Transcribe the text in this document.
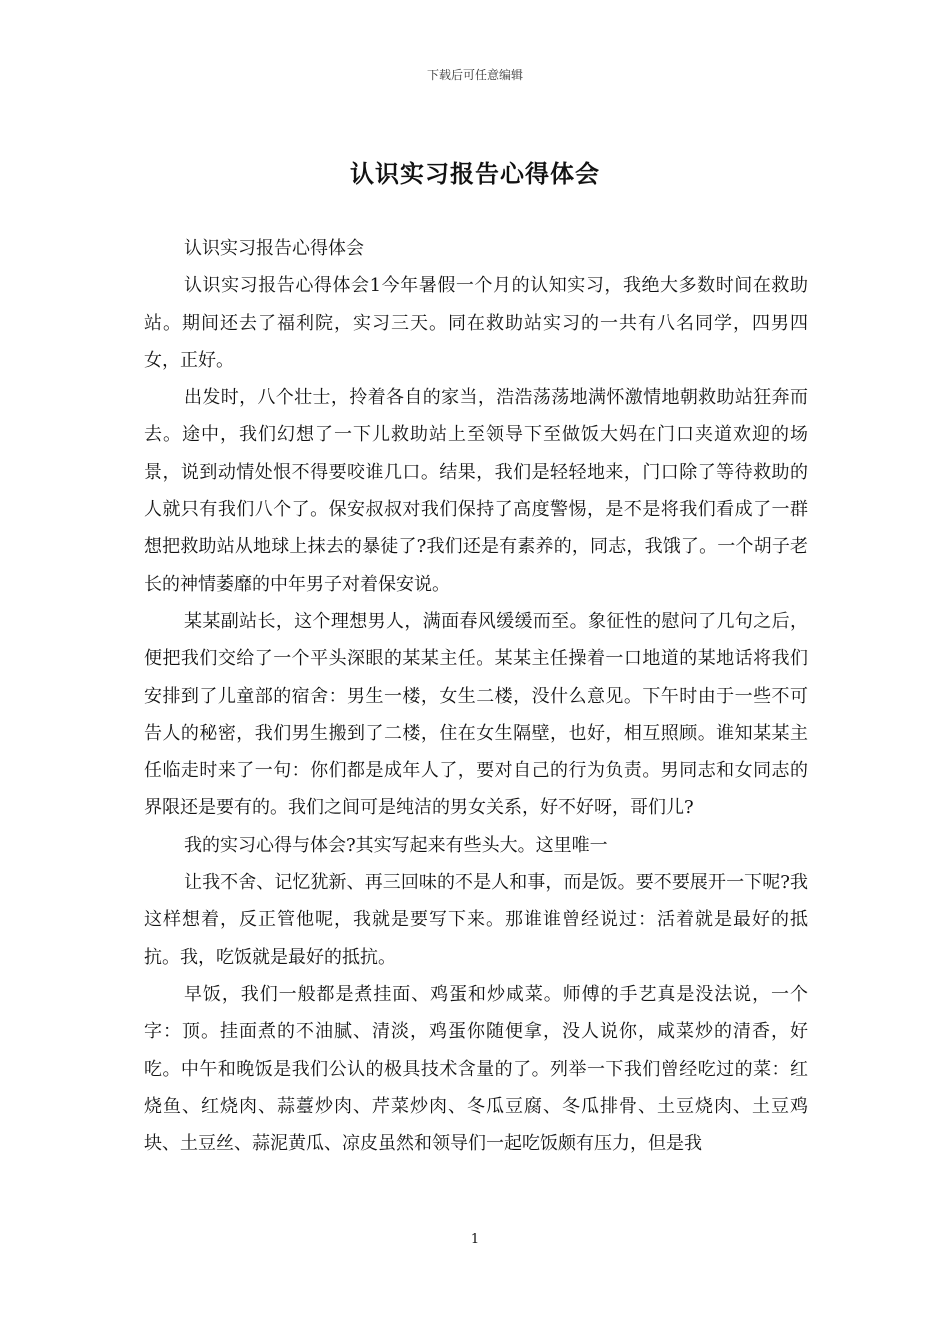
下载后可任意编辑
认识实习报告心得体会

认识实习报告心得体会

认识实习报告心得体会1今年暑假一个月的认知实习，我绝大多数时间在救助站。期间还去了福利院，实习三天。同在救助站实习的一共有八名同学，四男四女，正好。

出发时，八个壮士，拎着各自的家当，浩浩荡荡地满怀激情地朝救助站狂奔而去。途中，我们幻想了一下儿救助站上至领导下至做饭大妈在门口夹道欢迎的场景，说到动情处恨不得要咬谁几口。结果，我们是轻轻地来，门口除了等待救助的人就只有我们八个了。保安叔叔对我们保持了高度警惕，是不是将我们看成了一群想把救助站从地球上抹去的暴徒了?我们还是有素养的，同志，我饿了。一个胡子老长的神情萎靡的中年男子对着保安说。

某某副站长，这个理想男人，满面春风缓缓而至。象征性的慰问了几句之后，便把我们交给了一个平头深眼的某某主任。某某主任操着一口地道的某地话将我们安排到了儿童部的宿舍：男生一楼，女生二楼，没什么意见。下午时由于一些不可告人的秘密，我们男生搬到了二楼，住在女生隔壁，也好，相互照顾。谁知某某主任临走时来了一句：你们都是成年人了，要对自己的行为负责。男同志和女同志的界限还是要有的。我们之间可是纯洁的男女关系，好不好呀，哥们儿?

我的实习心得与体会?其实写起来有些头大。这里唯一

让我不舍、记忆犹新、再三回味的不是人和事，而是饭。要不要展开一下呢?我这样想着，反正管他呢，我就是要写下来。那谁谁曾经说过：活着就是最好的抵抗。我，吃饭就是最好的抵抗。

早饭，我们一般都是煮挂面、鸡蛋和炒咸菜。师傅的手艺真是没法说，一个字：顶。挂面煮的不油腻、清淡，鸡蛋你随便拿，没人说你，咸菜炒的清香，好吃。中午和晚饭是我们公认的极具技术含量的了。列举一下我们曾经吃过的菜：红烧鱼、红烧肉、蒜薹炒肉、芹菜炒肉、冬瓜豆腐、冬瓜排骨、土豆烧肉、土豆鸡块、土豆丝、蒜泥黄瓜、凉皮虽然和领导们一起吃饭颇有压力，但是我

1
